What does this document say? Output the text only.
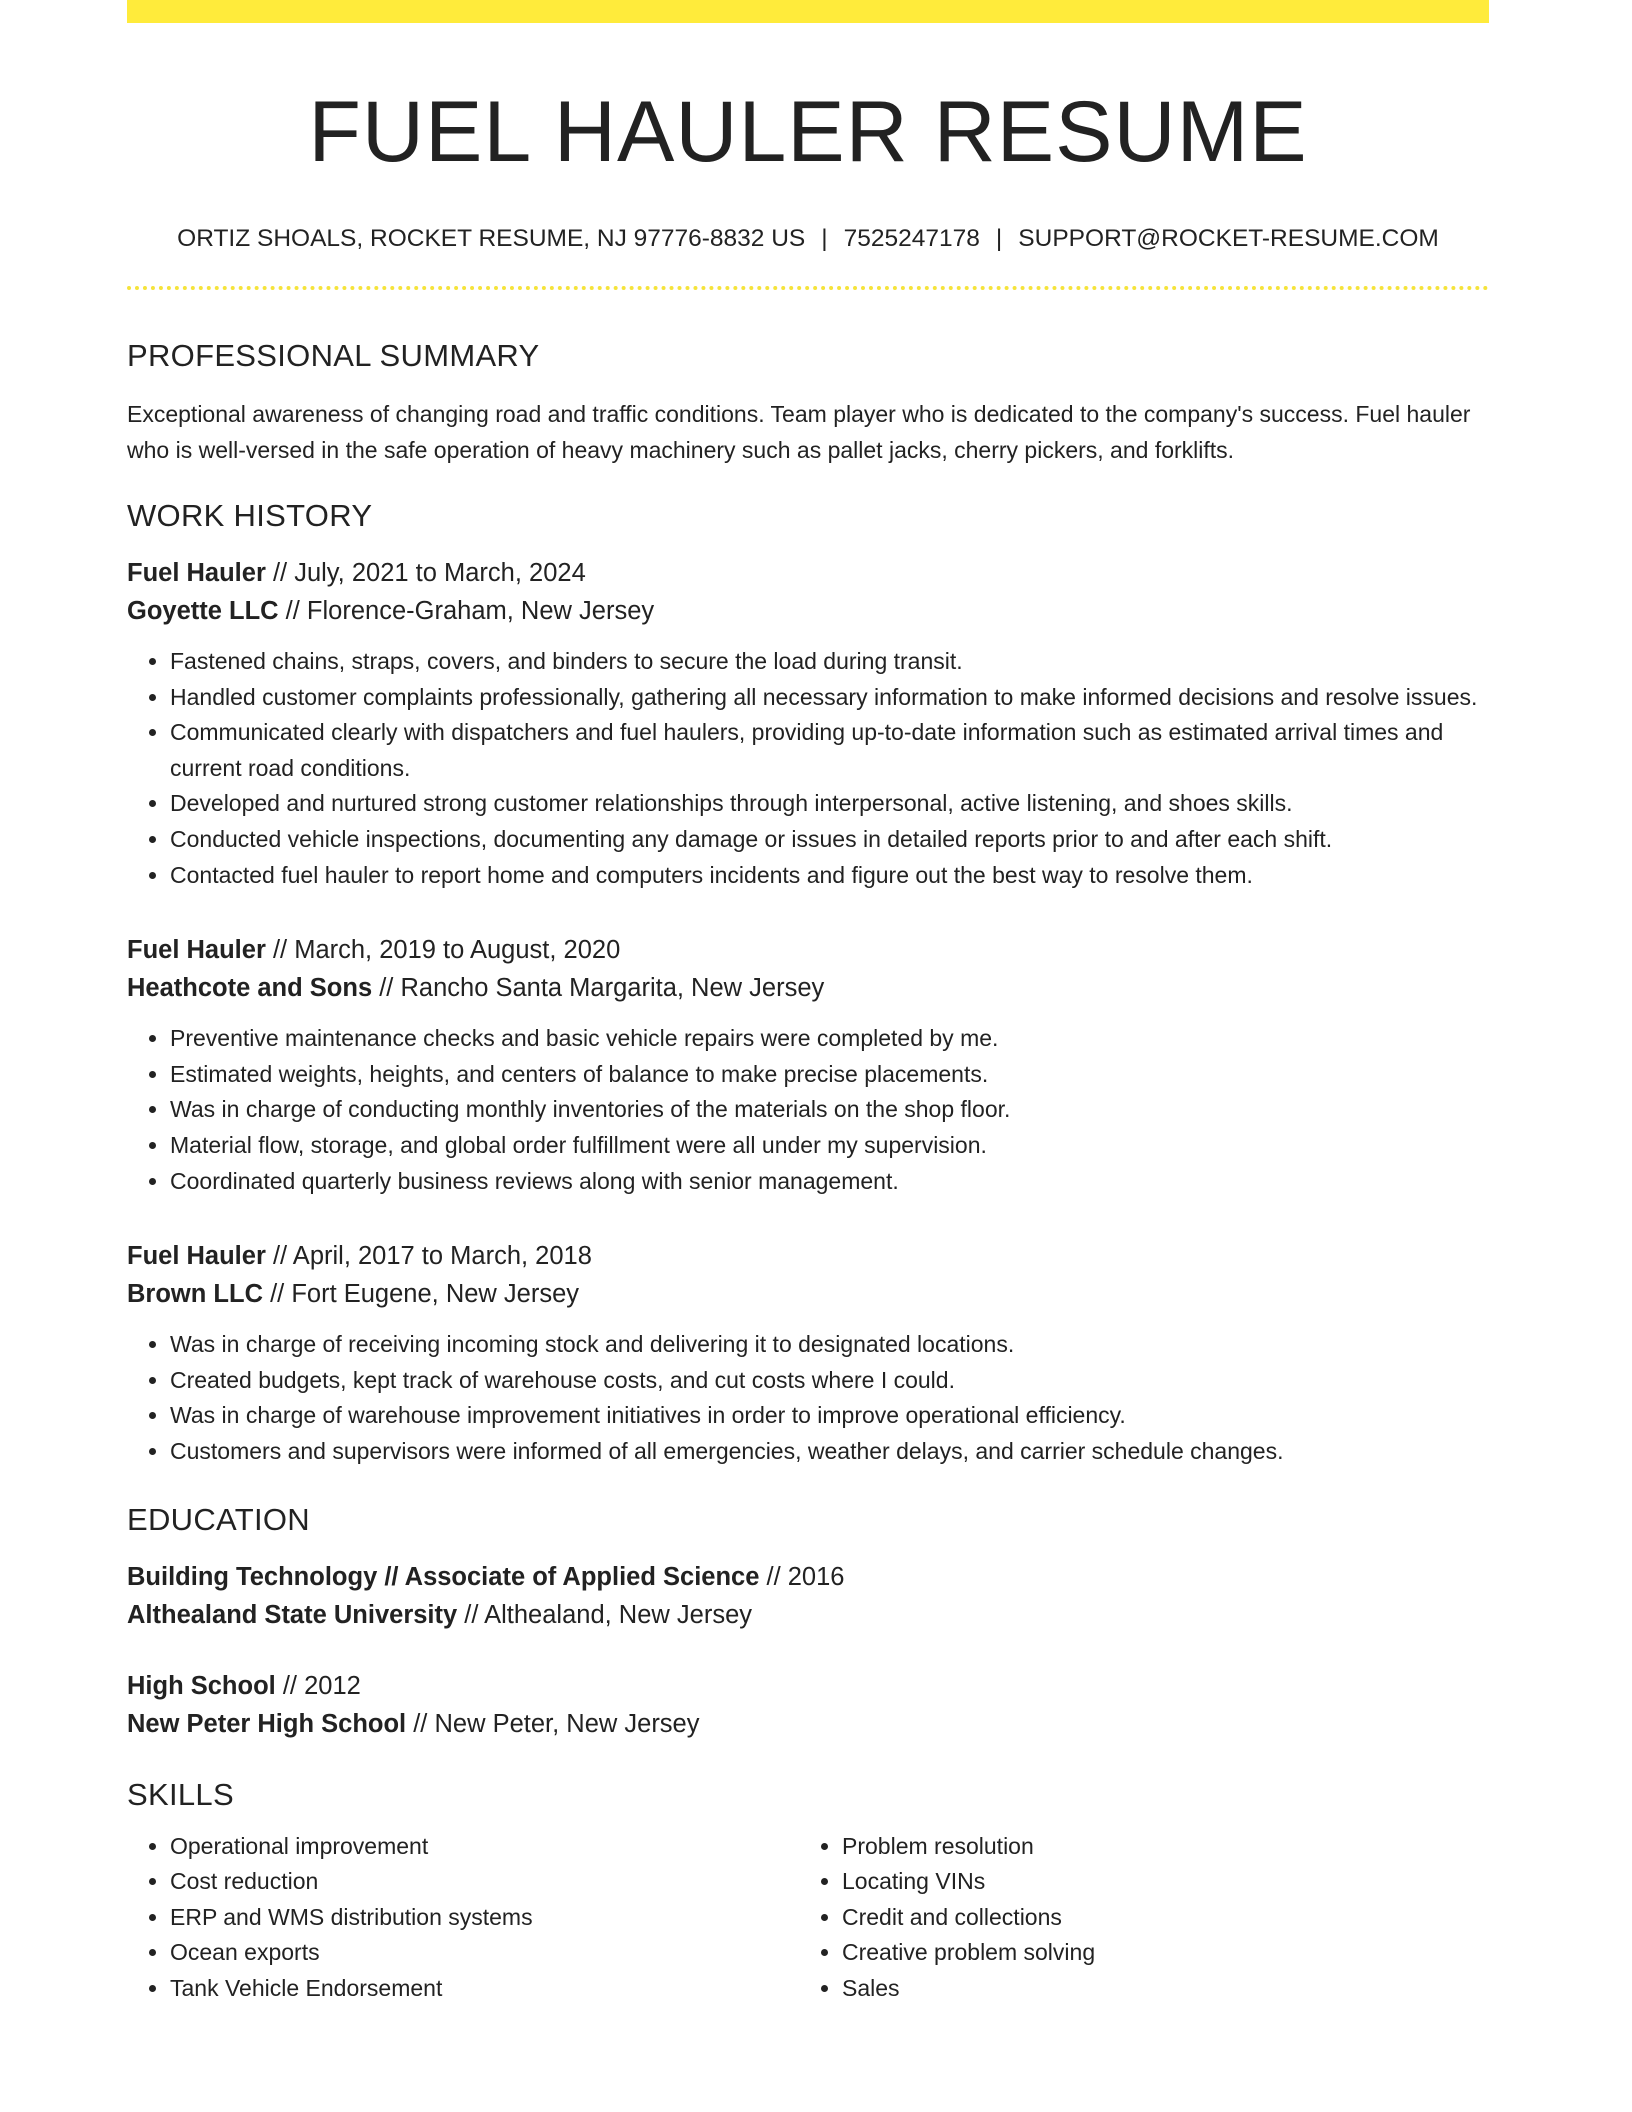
FUEL HAULER RESUME
ORTIZ SHOALS, ROCKET RESUME, NJ 97776-8832 US | 7525247178 | SUPPORT@ROCKET-RESUME.COM
PROFESSIONAL SUMMARY
Exceptional awareness of changing road and traffic conditions. Team player who is dedicated to the company's success. Fuel hauler who is well-versed in the safe operation of heavy machinery such as pallet jacks, cherry pickers, and forklifts.
WORK HISTORY
Fuel Hauler // July, 2021 to March, 2024
Goyette LLC // Florence-Graham, New Jersey
• Fastened chains, straps, covers, and binders to secure the load during transit.
• Handled customer complaints professionally, gathering all necessary information to make informed decisions and resolve issues.
• Communicated clearly with dispatchers and fuel haulers, providing up-to-date information such as estimated arrival times and current road conditions.
• Developed and nurtured strong customer relationships through interpersonal, active listening, and shoes skills.
• Conducted vehicle inspections, documenting any damage or issues in detailed reports prior to and after each shift.
• Contacted fuel hauler to report home and computers incidents and figure out the best way to resolve them.
Fuel Hauler // March, 2019 to August, 2020
Heathcote and Sons // Rancho Santa Margarita, New Jersey
• Preventive maintenance checks and basic vehicle repairs were completed by me.
• Estimated weights, heights, and centers of balance to make precise placements.
• Was in charge of conducting monthly inventories of the materials on the shop floor.
• Material flow, storage, and global order fulfillment were all under my supervision.
• Coordinated quarterly business reviews along with senior management.
Fuel Hauler // April, 2017 to March, 2018
Brown LLC // Fort Eugene, New Jersey
• Was in charge of receiving incoming stock and delivering it to designated locations.
• Created budgets, kept track of warehouse costs, and cut costs where I could.
• Was in charge of warehouse improvement initiatives in order to improve operational efficiency.
• Customers and supervisors were informed of all emergencies, weather delays, and carrier schedule changes.
EDUCATION
Building Technology // Associate of Applied Science // 2016
Althealand State University // Althealand, New Jersey
High School // 2012
New Peter High School // New Peter, New Jersey
SKILLS
• Operational improvement
• Cost reduction
• ERP and WMS distribution systems
• Ocean exports
• Tank Vehicle Endorsement
• Problem resolution
• Locating VINs
• Credit and collections
• Creative problem solving
• Sales
